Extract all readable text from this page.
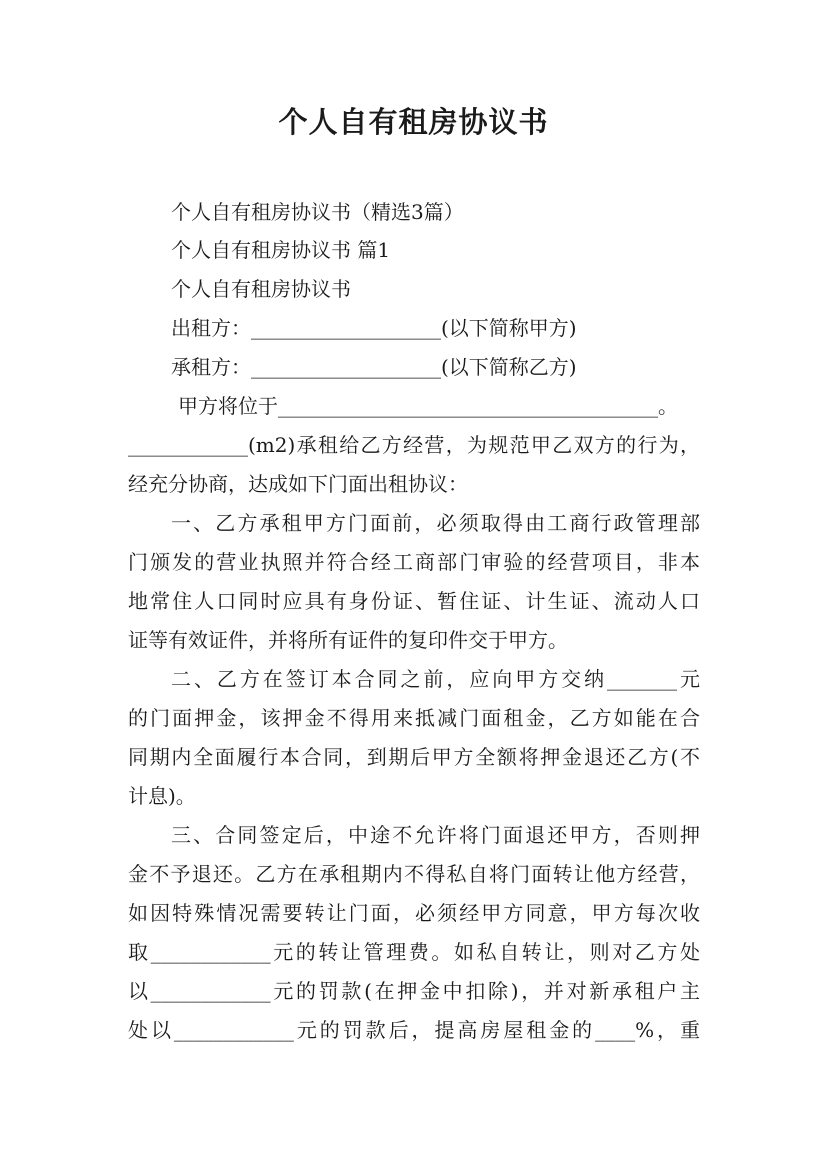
个人自有租房协议书
个人自有租房协议书（精选3篇）
个人自有租房协议书 篇1
个人自有租房协议书
出租方：___________________(以下简称甲方)
承租方：___________________(以下简称乙方)
甲方将位于______________________________________。
____________(m2)承租给乙方经营，为规范甲乙双方的行为，
经充分协商，达成如下门面出租协议：
一、乙方承租甲方门面前，必须取得由工商行政管理部
门颁发的营业执照并符合经工商部门审验的经营项目，非本
地常住人口同时应具有身份证、暂住证、计生证、流动人口
证等有效证件，并将所有证件的复印件交于甲方。
二、乙方在签订本合同之前，应向甲方交纳_______元
的门面押金，该押金不得用来抵减门面租金，乙方如能在合
同期内全面履行本合同，到期后甲方全额将押金退还乙方(不
计息)。
三、合同签定后，中途不允许将门面退还甲方，否则押
金不予退还。乙方在承租期内不得私自将门面转让他方经营，
如因特殊情况需要转让门面，必须经甲方同意，甲方每次收
取____________元的转让管理费。如私自转让，则对乙方处
以____________元的罚款(在押金中扣除)，并对新承租户主
处以____________元的罚款后，提高房屋租金的____%，重
